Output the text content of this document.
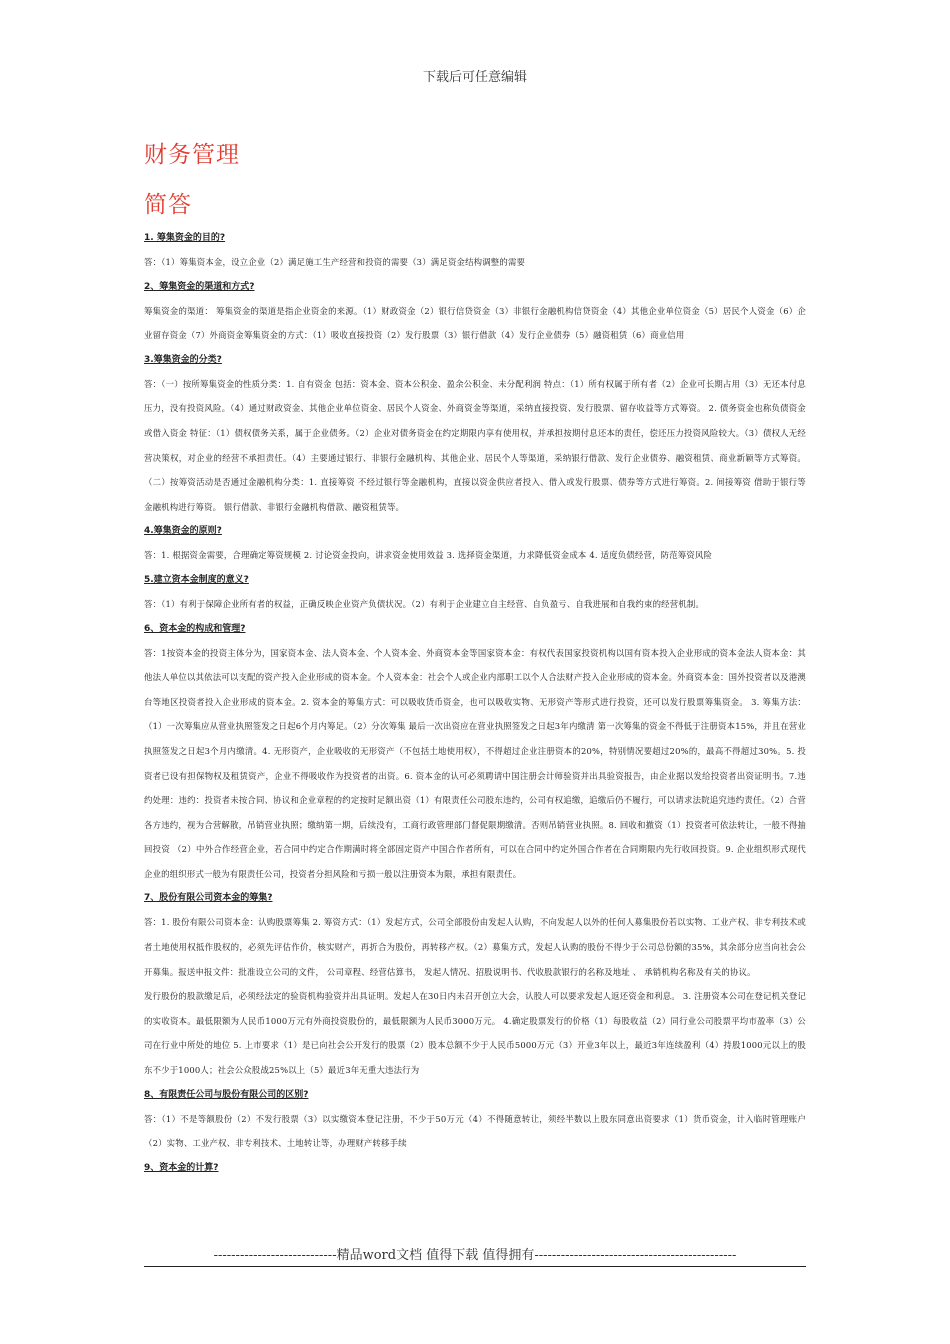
下载后可任意编辑
财务管理
简答
1. 筹集资金的目的?
答：（1）筹集资本金，设立企业（2）满足施工生产经营和投资的需要（3）满足资金结构调整的需要
2、筹集资金的渠道和方式?
筹集资金的渠道： 筹集资金的渠道是指企业资金的来源。（1）财政资金（2）银行信贷资金（3）非银行金融机构信贷资金（4）其他企业单位资金（5）居民个人资金（6）企业留存资金（7）外商资金筹集资金的方式：（1）吸收直接投资（2）发行股票（3）银行借款（4）发行企业债券（5）融资租赁（6）商业信用
3.筹集资金的分类?
答：（一）按所筹集资金的性质分类：1. 自有资金 包括：资本金、资本公积金、盈余公积金、未分配利润 特点：（1）所有权属于所有者（2）企业可长期占用（3）无还本付息压力，没有投资风险。（4）通过财政资金、其他企业单位资金、居民个人资金、外商资金等渠道，采纳直接投资、发行股票、留存收益等方式筹资。 2. 债务资金也称负债资金或借入资金 特征：（1）债权债务关系，属于企业债务。（2）企业对债务资金在约定期限内享有使用权，并承担按期付息还本的责任，偿还压力投资风险较大。（3）债权人无经营决策权，对企业的经营不承担责任。（4）主要通过银行、非银行金融机构、其他企业、居民个人等渠道，采纳银行借款、发行企业债券、融资租赁、商业新颖等方式筹资。（二）按筹资活动是否通过金融机构分类：1. 直接筹资 不经过银行等金融机构，直接以资金供应者投入、借入或发行股票、债券等方式进行筹资。2. 间接筹资 借助于银行等金融机构进行筹资。 银行借款、非银行金融机构借款、融资租赁等。
4.筹集资金的原则?
答：1. 根据资金需要，合理确定筹资规模 2. 讨论资金投向，讲求资金使用效益 3. 选择资金渠道，力求降低资金成本 4. 适度负债经营，防范筹资风险
5.建立资本金制度的意义?
答：（1）有利于保障企业所有者的权益，正确反映企业资产负债状况。（2）有利于企业建立自主经营、自负盈亏、自我进展和自我约束的经营机制。
6、资本金的构成和管理?
答：1按资本金的投资主体分为，国家资本金、法人资本金、个人资本金、外商资本金等国家资本金：有权代表国家投资机构以国有资本投入企业形成的资本金法人资本金：其他法人单位以其依法可以支配的资产投入企业形成的资本金。个人资本金：社会个人或企业内部职工以个人合法财产投入企业形成的资本金。外商资本金：国外投资者以及港澳台等地区投资者投入企业形成的资本金。2. 资本金的筹集方式：可以吸收货币资金，也可以吸收实物、无形资产等形式进行投资，还可以发行股票筹集资金。 3. 筹集方法：（1）一次筹集应从营业执照签发之日起6个月内筹足。（2）分次筹集 最后一次出资应在营业执照签发之日起3年内缴清 第一次筹集的资金不得低于注册资本15%，并且在营业执照签发之日起3个月内缴清。4. 无形资产，企业吸收的无形资产（不包括土地使用权），不得超过企业注册资本的20%，特别情况要超过20%的，最高不得超过30%。5. 投资者已设有担保物权及租赁资产，企业不得吸收作为投资者的出资。6. 资本金的认可必须聘请中国注册会计师验资并出具验资报告，由企业据以发给投资者出资证明书。7.违约处理：违约：投资者未按合同、协议和企业章程的约定按时足额出资（1）有限责任公司股东违约，公司有权追缴，追缴后仍不履行，可以请求法院追究违约责任。（2）合营各方违约，视为合营解散，吊销营业执照；缴纳第一期，后续没有，工商行政管理部门督促限期缴清。否则吊销营业执照。8. 回收和撤资（1）投资者可依法转让，一般不得抽回投资 （2）中外合作经营企业，若合同中约定合作期满时将全部固定资产中国合作者所有，可以在合同中约定外国合作者在合同期限内先行收回投资。9. 企业组织形式现代企业的组织形式一般为有限责任公司，投资者分担风险和亏损一般以注册资本为限，承担有限责任。
7、股份有限公司资本金的筹集?
答：1. 股份有限公司资本金：认购股票筹集 2. 筹资方式：（1）发起方式，公司全部股份由发起人认购，不向发起人以外的任何人募集股份若以实物、工业产权、非专利技术或者土地使用权抵作股权的，必须先评估作价，核实财产，再折合为股份，再转移产权。（2）募集方式，发起人认购的股份不得少于公司总份额的35%，其余部分应当向社会公开募集。报送申报文件：批准设立公司的文件， 公司章程、经营估算书， 发起人情况、招股说明书、代收股款银行的名称及地址 、 承销机构名称及有关的协议。
发行股份的股款缴足后，必须经法定的验资机构验资并出具证明。发起人在30日内未召开创立大会，认股人可以要求发起人返还资金和利息。 3. 注册资本公司在登记机关登记的实收资本。最低限额为人民币1000万元有外商投资股份的，最低限额为人民币3000万元。 4.确定股票发行的价格（1）每股收益（2）同行业公司股票平均市盈率（3）公司在行业中所处的地位 5. 上市要求（1）是已向社会公开发行的股票（2）股本总额不少于人民币5000万元（3）开业3年以上，最近3年连续盈利（4）持股1000元以上的股东不少于1000人；社会公众股战25%以上（5）最近3年无重大违法行为
8、有限责任公司与股份有限公司的区别?
答：（1）不是等额股份（2）不发行股票（3）以实缴资本登记注册，不少于50万元（4）不得随意转让，须经半数以上股东同意出资要求（1）货币资金，计入临时管理账户（2）实物、工业产权、非专利技术、土地转让等，办理财产转移手续
9、资本金的计算?
----------------------------精品word文档 值得下载 值得拥有----------------------------------------------
